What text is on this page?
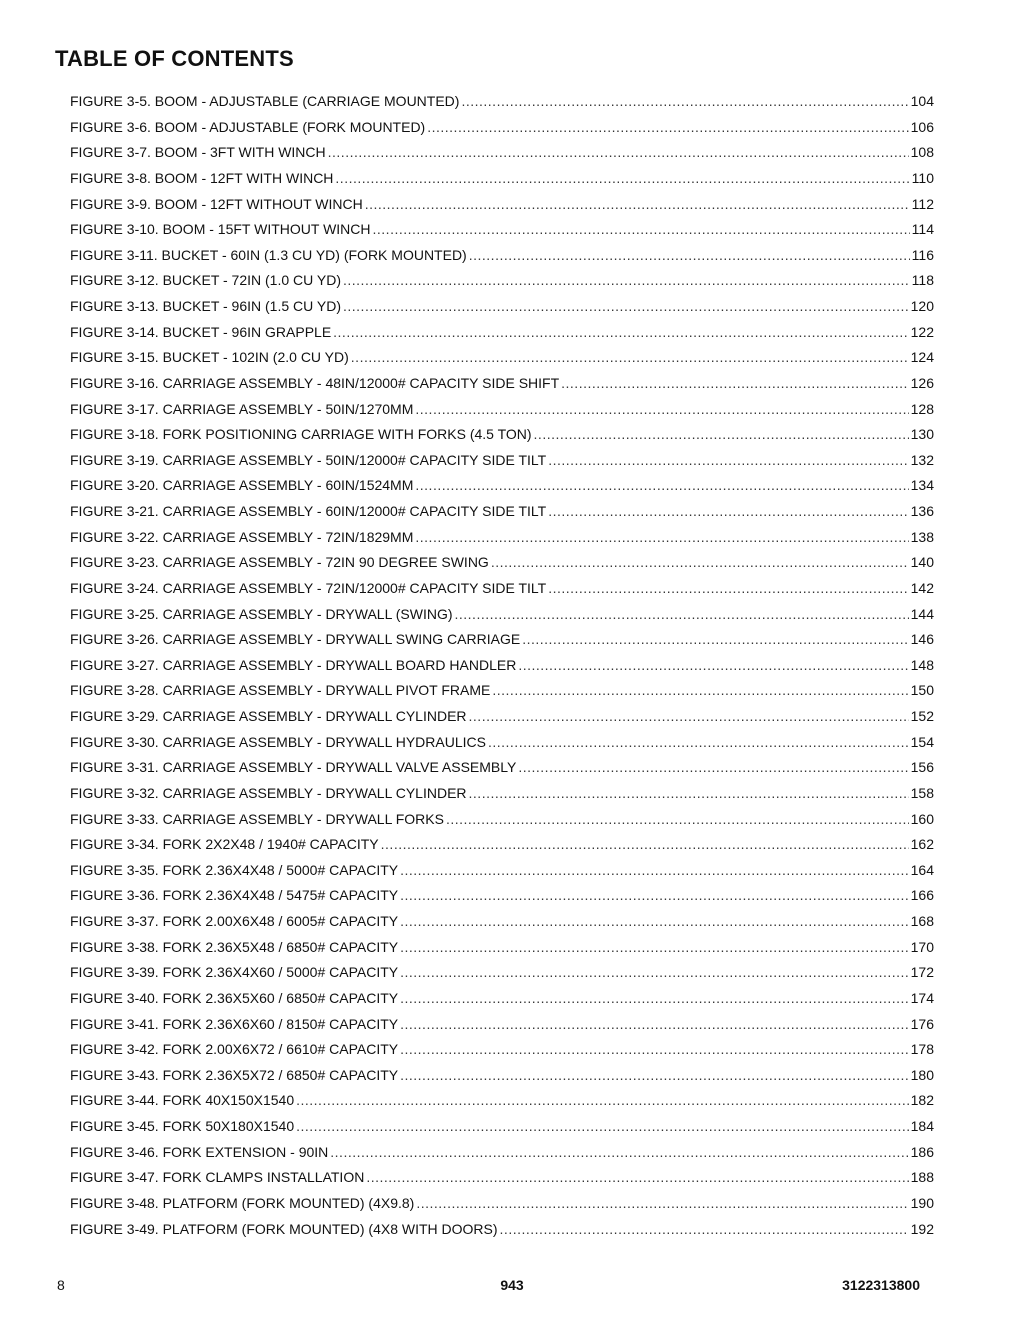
TABLE OF CONTENTS
FIGURE 3-5. BOOM - ADJUSTABLE (CARRIAGE MOUNTED) .....	104
FIGURE 3-6. BOOM - ADJUSTABLE (FORK MOUNTED) .....	106
FIGURE 3-7. BOOM - 3FT WITH WINCH .....	108
FIGURE 3-8. BOOM - 12FT WITH WINCH .....	110
FIGURE 3-9. BOOM - 12FT WITHOUT WINCH .....	112
FIGURE 3-10. BOOM - 15FT WITHOUT WINCH .....	114
FIGURE 3-11. BUCKET - 60IN (1.3 CU YD) (FORK MOUNTED) .....	116
FIGURE 3-12. BUCKET - 72IN (1.0 CU YD) .....	118
FIGURE 3-13. BUCKET - 96IN (1.5 CU YD) .....	120
FIGURE 3-14. BUCKET - 96IN GRAPPLE .....	122
FIGURE 3-15. BUCKET - 102IN (2.0 CU YD) .....	124
FIGURE 3-16. CARRIAGE ASSEMBLY - 48IN/12000# CAPACITY SIDE SHIFT .....	126
FIGURE 3-17. CARRIAGE ASSEMBLY - 50IN/1270MM .....	128
FIGURE 3-18. FORK POSITIONING CARRIAGE WITH FORKS (4.5 TON) .....	130
FIGURE 3-19. CARRIAGE ASSEMBLY - 50IN/12000# CAPACITY SIDE TILT .....	132
FIGURE 3-20. CARRIAGE ASSEMBLY - 60IN/1524MM .....	134
FIGURE 3-21. CARRIAGE ASSEMBLY - 60IN/12000# CAPACITY SIDE TILT .....	136
FIGURE 3-22. CARRIAGE ASSEMBLY - 72IN/1829MM .....	138
FIGURE 3-23. CARRIAGE ASSEMBLY - 72IN 90 DEGREE SWING .....	140
FIGURE 3-24. CARRIAGE ASSEMBLY - 72IN/12000# CAPACITY SIDE TILT .....	142
FIGURE 3-25. CARRIAGE ASSEMBLY - DRYWALL (SWING) .....	144
FIGURE 3-26. CARRIAGE ASSEMBLY - DRYWALL SWING CARRIAGE .....	146
FIGURE 3-27. CARRIAGE ASSEMBLY - DRYWALL BOARD HANDLER .....	148
FIGURE 3-28. CARRIAGE ASSEMBLY - DRYWALL PIVOT FRAME .....	150
FIGURE 3-29. CARRIAGE ASSEMBLY - DRYWALL CYLINDER .....	152
FIGURE 3-30. CARRIAGE ASSEMBLY - DRYWALL HYDRAULICS .....	154
FIGURE 3-31. CARRIAGE ASSEMBLY - DRYWALL VALVE ASSEMBLY .....	156
FIGURE 3-32. CARRIAGE ASSEMBLY - DRYWALL CYLINDER .....	158
FIGURE 3-33. CARRIAGE ASSEMBLY - DRYWALL FORKS .....	160
FIGURE 3-34. FORK 2X2X48 / 1940# CAPACITY .....	162
FIGURE 3-35. FORK 2.36X4X48 / 5000# CAPACITY .....	164
FIGURE 3-36. FORK 2.36X4X48 / 5475# CAPACITY .....	166
FIGURE 3-37. FORK 2.00X6X48 / 6005# CAPACITY .....	168
FIGURE 3-38. FORK 2.36X5X48 / 6850# CAPACITY .....	170
FIGURE 3-39. FORK 2.36X4X60 / 5000# CAPACITY .....	172
FIGURE 3-40. FORK 2.36X5X60 / 6850# CAPACITY .....	174
FIGURE 3-41. FORK 2.36X6X60 / 8150# CAPACITY .....	176
FIGURE 3-42. FORK 2.00X6X72 / 6610# CAPACITY .....	178
FIGURE 3-43. FORK 2.36X5X72 / 6850# CAPACITY .....	180
FIGURE 3-44. FORK 40X150X1540 .....	182
FIGURE 3-45. FORK 50X180X1540 .....	184
FIGURE 3-46. FORK EXTENSION - 90IN .....	186
FIGURE 3-47. FORK CLAMPS INSTALLATION .....	188
FIGURE 3-48. PLATFORM (FORK MOUNTED) (4X9.8) .....	190
FIGURE 3-49. PLATFORM (FORK MOUNTED) (4X8 WITH DOORS) .....	192
8	943	3122313800
